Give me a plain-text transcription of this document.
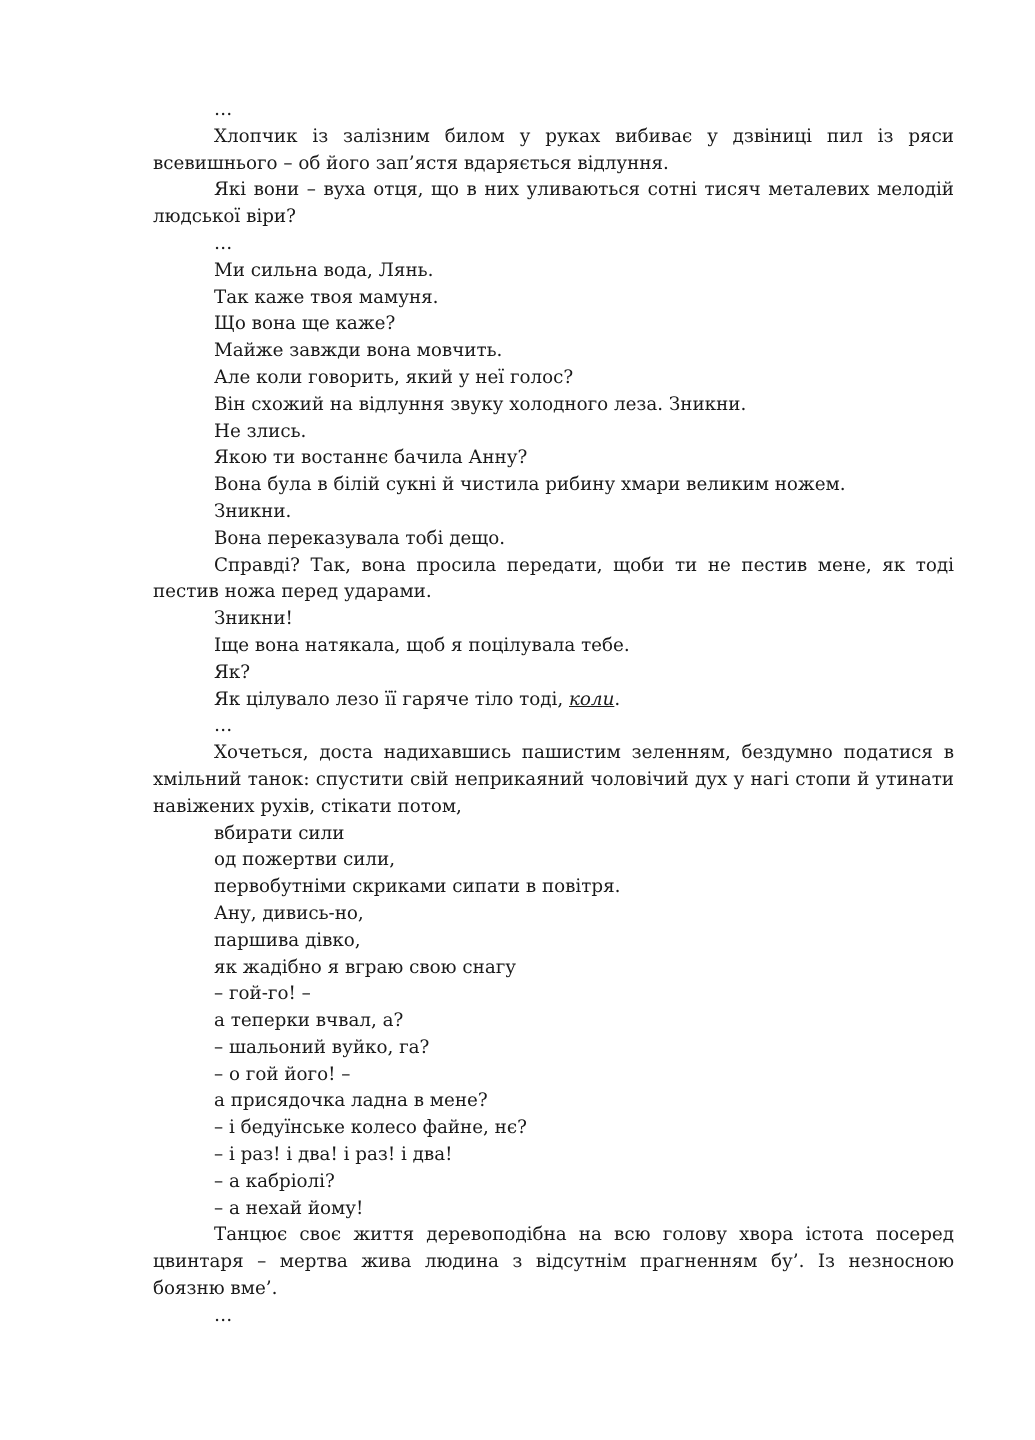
…

Хлопчик із залізним билом у руках вибиває у дзвіниці пил із ряси всевишнього – об його зап’ястя вдаряється відлуння.

Які вони – вуха отця, що в них уливаються сотні тисяч металевих мелодій людської віри?

…

Ми сильна вода, Лянь.

Так каже твоя мамуня.

Що вона ще каже?

Майже завжди вона мовчить.

Але коли говорить, який у неї голос?

Він схожий на відлуння звуку холодного леза. Зникни.

Не злись.

Якою ти востаннє бачила Анну?

Вона була в білій сукні й чистила рибину хмари великим ножем.

Зникни.

Вона переказувала тобі дещо.

Справді? Так, вона просила передати, щоби ти не пестив мене, як тоді пестив ножа перед ударами.

Зникни!

Іще вона натякала, щоб я поцілувала тебе.

Як?

Як цілувало лезо її гаряче тіло тоді, коли.

…

Хочеться, доста надихавшись пашистим зеленням, бездумно податися в хмільний танок: спустити свій неприкаяний чоловічий дух у нагі стопи й утинати навіжених рухів, стікати потом,

вбирати сили

од пожертви сили,

первобутніми скриками сипати в повітря.

Ану, дивись-но,

паршива дівко,

як жадібно я вграю свою снагу

– гой-го! –

а теперки вчвал, а?

– шальоний вуйко, га?

– о гой його! –

а присядочка ладна в мене?

– і бедуїнське колесо файне, нє?

– і раз! і два! і раз! і два!

– а кабріолі?

– а нехай йому!

Танцює своє життя деревоподібна на всю голову хвора істота посеред цвинтаря – мертва жива людина з відсутнім прагненням бу’. Із незносною боязню вме’.

…
